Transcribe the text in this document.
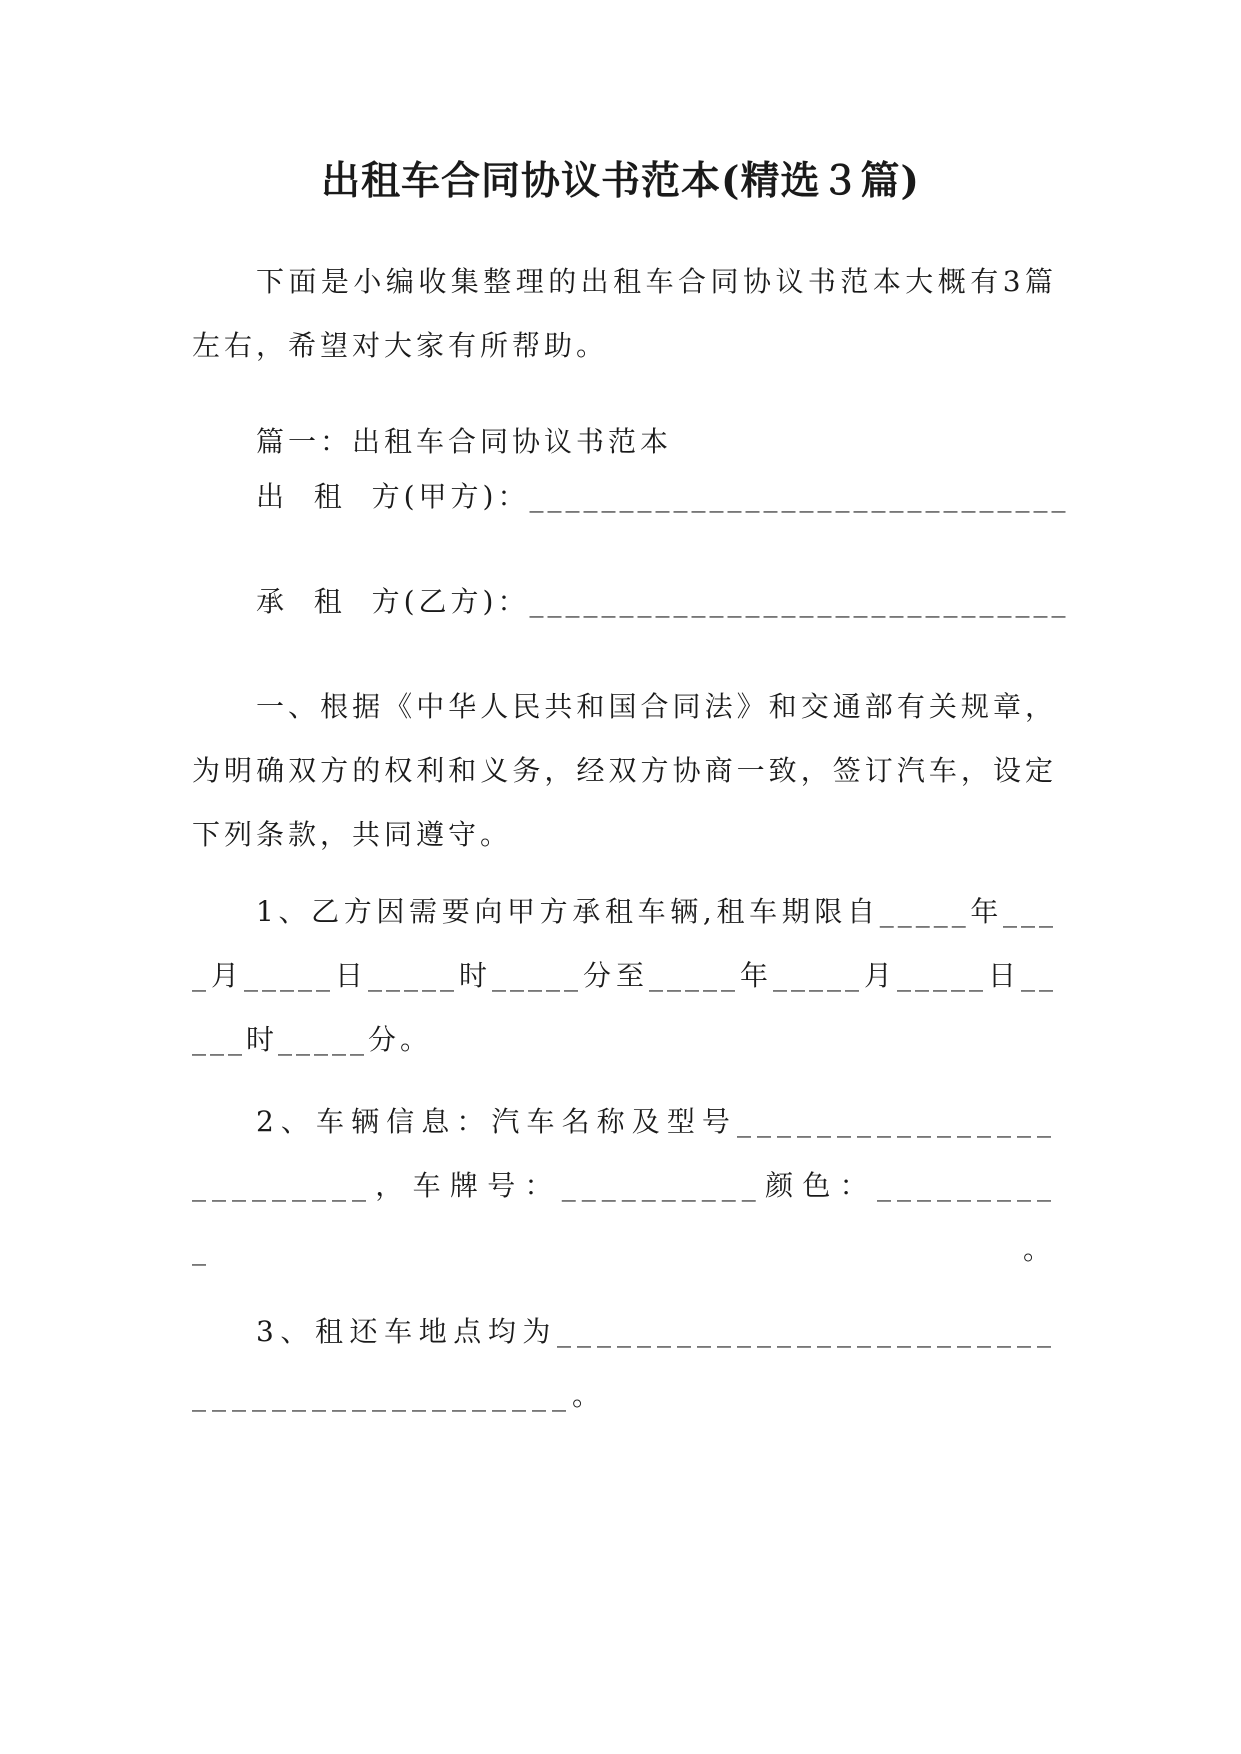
出租车合同协议书范本(精选３篇)

下面是小编收集整理的出租车合同协议书范本大概有3篇左右，希望对大家有所帮助。

篇一：出租车合同协议书范本

出  租  方(甲方)：______________________________

承  租  方(乙方)：______________________________

一、根据《中华人民共和国合同法》和交通部有关规章，为明确双方的权利和义务，经双方协商一致，签订汽车，设定下列条款，共同遵守。

1、乙方因需要向甲方承租车辆,租车期限自_____年____月_____日_____时_____分至_____年_____月_____日_____时_____分。

2、车辆信息：汽车名称及型号_________________________，车牌号：__________颜色：__________。

3、租还车地点均为____________________________________________。
